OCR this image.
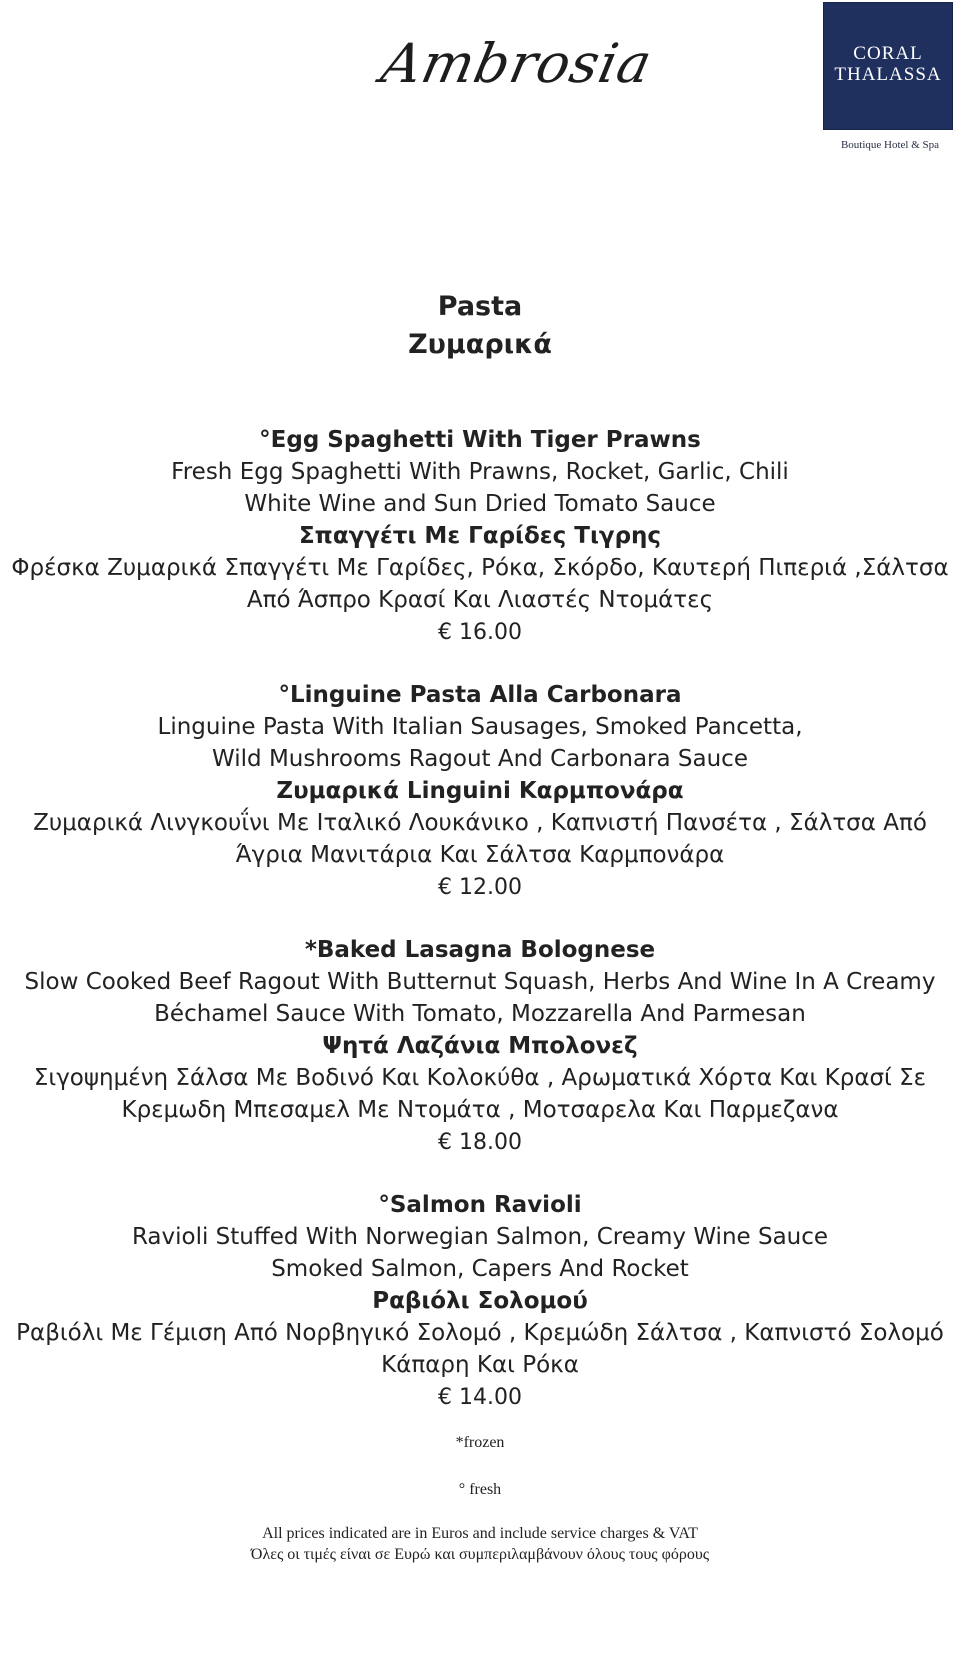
Ambrosia	CORAL
THALASSA
Boutique Hotel & Spa
Pasta
Ζυμαρικά
°Egg Spaghetti With Tiger Prawns
Fresh Egg Spaghetti With Prawns, Rocket, Garlic, Chili
White Wine and Sun Dried Tomato Sauce
Σπαγγέτι Με Γαρίδες Τιγρης
Φρέσκα Ζυμαρικά Σπαγγέτι Με Γαρίδες, Ρόκα, Σκόρδο, Καυτερή Πιπεριά ,Σάλτσα
Από Άσπρο Κρασί Και Λιαστές Ντομάτες
€ 16.00
°Linguine Pasta Alla Carbonara
Linguine Pasta With Italian Sausages, Smoked Pancetta,
Wild Mushrooms Ragout And Carbonara Sauce
Ζυμαρικά Linguini Καρμπονάρα
Ζυμαρικά Λινγκουΐνι Με Ιταλικό Λουκάνικο , Καπνιστή Πανσέτα , Σάλτσα Από
Άγρια Μανιτάρια Και Σάλτσα Καρμπονάρα
€ 12.00
*Baked Lasagna Bolognese
Slow Cooked Beef Ragout With Butternut Squash, Herbs And Wine In A Creamy
Béchamel Sauce With Tomato, Mozzarella And Parmesan
Ψητά Λαζάνια Μπολονεζ
Σιγοψημένη Σάλσα Με Βοδινό Και Κολοκύθα , Αρωματικά Χόρτα Και Κρασί Σε
Κρεμωδη Μπεσαμελ Με Ντομάτα , Μοτσαρελα Και Παρμεζανα
€ 18.00
°Salmon Ravioli
Ravioli Stuffed With Norwegian Salmon, Creamy Wine Sauce
Smoked Salmon, Capers And Rocket
Ραβιόλι Σολομού
Ραβιόλι Με Γέμιση Από Νορβηγικό Σολομό , Κρεμώδη Σάλτσα , Καπνιστό Σολομό
Κάπαρη Και Ρόκα
€ 14.00
*frozen
° fresh
All prices indicated are in Euros and include service charges & VAT
Όλες οι τιμές είναι σε Ευρώ και συμπεριλαμβάνουν όλους τους φόρους
